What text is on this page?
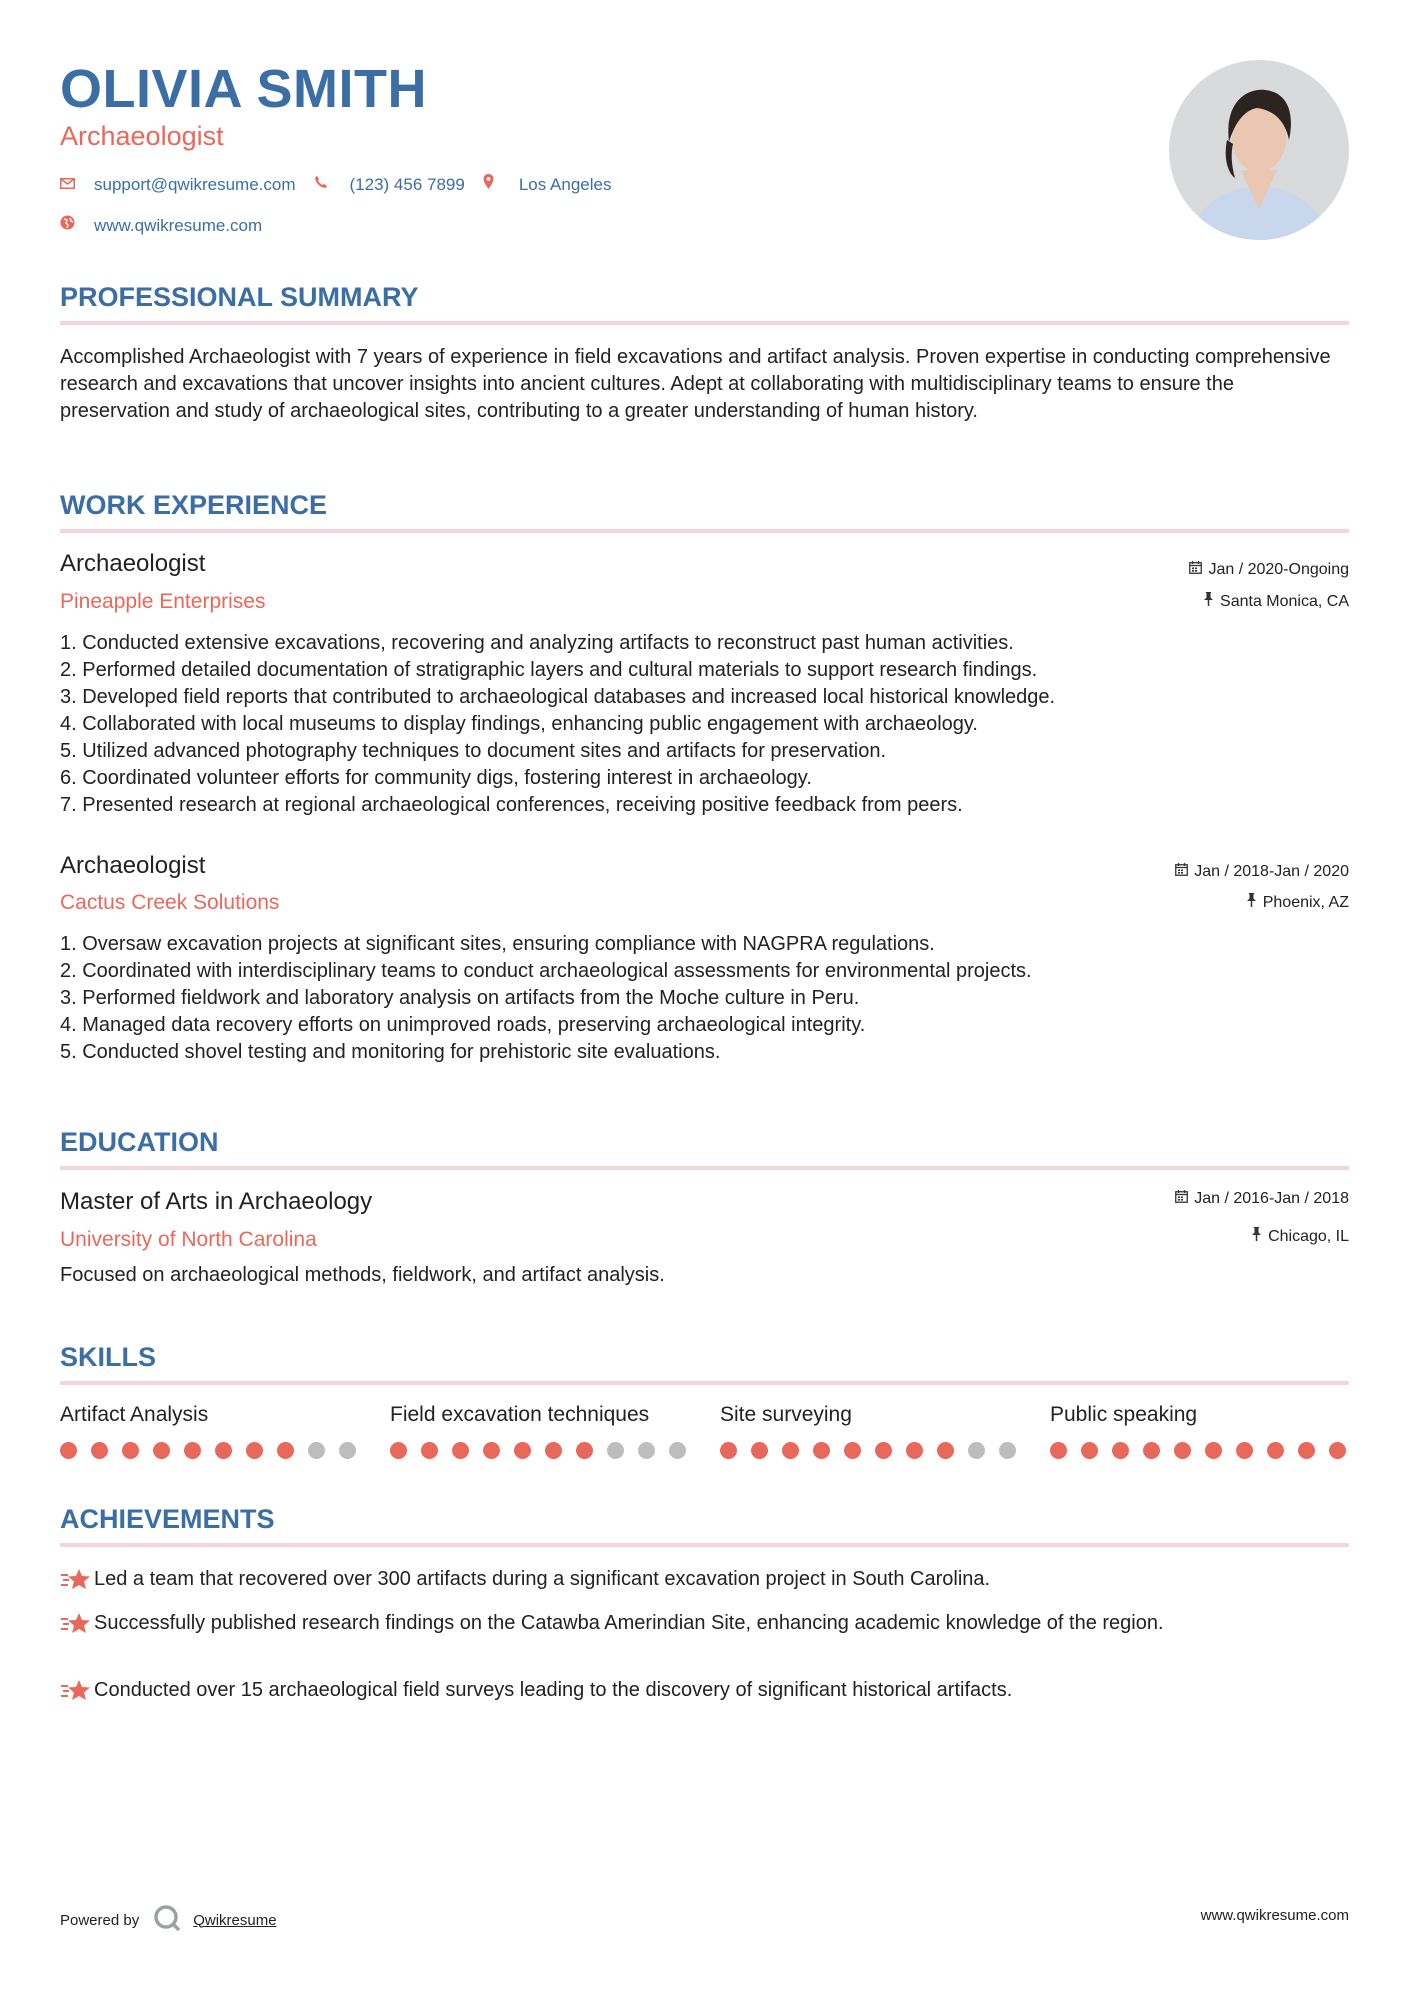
OLIVIA SMITH
Archaeologist
support@qwikresume.com	(123) 456 7899	Los Angeles
www.qwikresume.com
PROFESSIONAL SUMMARY
Accomplished Archaeologist with 7 years of experience in field excavations and artifact analysis. Proven expertise in conducting comprehensive research and excavations that uncover insights into ancient cultures. Adept at collaborating with multidisciplinary teams to ensure the preservation and study of archaeological sites, contributing to a greater understanding of human history.
WORK EXPERIENCE
Archaeologist
Pineapple Enterprises
Jan / 2020-Ongoing
Santa Monica, CA
1. Conducted extensive excavations, recovering and analyzing artifacts to reconstruct past human activities.
2. Performed detailed documentation of stratigraphic layers and cultural materials to support research findings.
3. Developed field reports that contributed to archaeological databases and increased local historical knowledge.
4. Collaborated with local museums to display findings, enhancing public engagement with archaeology.
5. Utilized advanced photography techniques to document sites and artifacts for preservation.
6. Coordinated volunteer efforts for community digs, fostering interest in archaeology.
7. Presented research at regional archaeological conferences, receiving positive feedback from peers.
Archaeologist
Cactus Creek Solutions
Jan / 2018-Jan / 2020
Phoenix, AZ
1. Oversaw excavation projects at significant sites, ensuring compliance with NAGPRA regulations.
2. Coordinated with interdisciplinary teams to conduct archaeological assessments for environmental projects.
3. Performed fieldwork and laboratory analysis on artifacts from the Moche culture in Peru.
4. Managed data recovery efforts on unimproved roads, preserving archaeological integrity.
5. Conducted shovel testing and monitoring for prehistoric site evaluations.
EDUCATION
Master of Arts in Archaeology
University of North Carolina
Jan / 2016-Jan / 2018
Chicago, IL
Focused on archaeological methods, fieldwork, and artifact analysis.
SKILLS
Artifact Analysis	Field excavation techniques	Site surveying	Public speaking
ACHIEVEMENTS
Led a team that recovered over 300 artifacts during a significant excavation project in South Carolina.
Successfully published research findings on the Catawba Amerindian Site, enhancing academic knowledge of the region.
Conducted over 15 archaeological field surveys leading to the discovery of significant historical artifacts.
Powered by	Qwikresume	www.qwikresume.com
